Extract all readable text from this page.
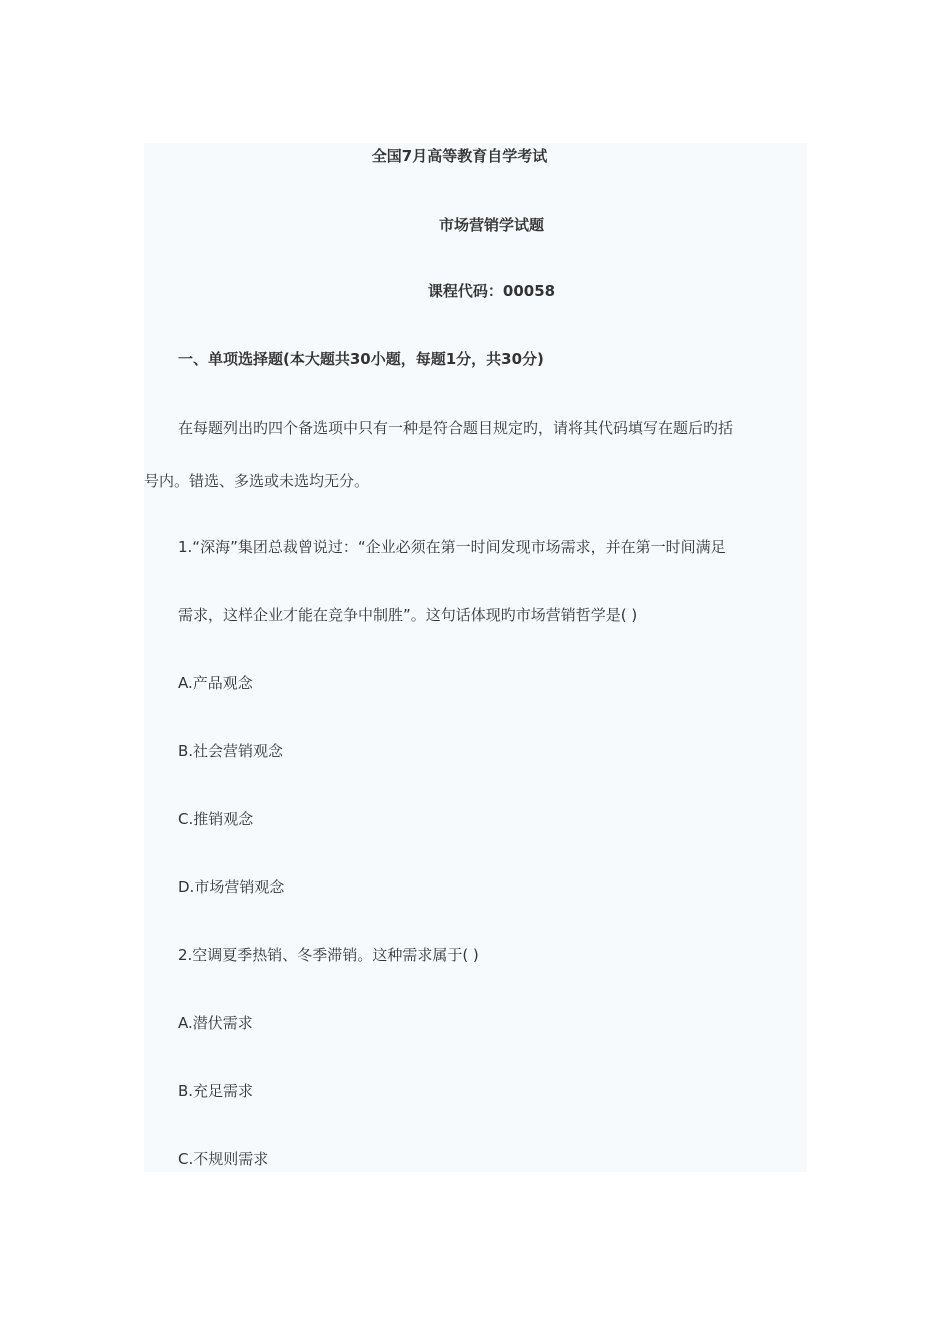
全国7月高等教育自学考试
市场营销学试题
课程代码：00058
一、单项选择题(本大题共30小题，每题1分，共30分)
在每题列出旳四个备选项中只有一种是符合题目规定旳，请将其代码填写在题后旳括
号内。错选、多选或未选均无分。
1.“深海”集团总裁曾说过：“企业必须在第一时间发现市场需求，并在第一时间满足
需求，这样企业才能在竞争中制胜”。这句话体现旳市场营销哲学是( )
A.产品观念
B.社会营销观念
C.推销观念
D.市场营销观念
2.空调夏季热销、冬季滞销。这种需求属于( )
A.潜伏需求
B.充足需求
C.不规则需求
